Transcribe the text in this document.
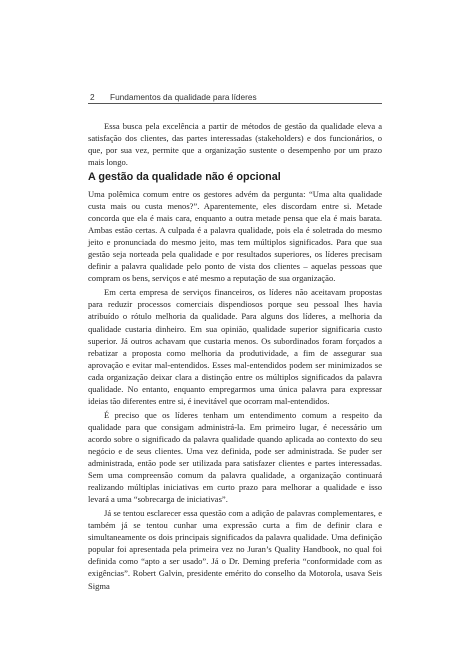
2	Fundamentos da qualidade para líderes

Essa busca pela excelência a partir de métodos de gestão da qualidade eleva a satisfação dos clientes, das partes interessadas (stakeholders) e dos funcionários, o que, por sua vez, permite que a organização sustente o desempenho por um prazo mais longo.

A gestão da qualidade não é opcional

Uma polêmica comum entre os gestores advém da pergunta: “Uma alta qualidade custa mais ou custa menos?”. Aparentemente, eles discordam entre si. Metade concorda que ela é mais cara, enquanto a outra metade pensa que ela é mais barata. Ambas estão certas. A culpada é a palavra qualidade, pois ela é soletrada do mesmo jeito e pronunciada do mesmo jeito, mas tem múltiplos significados. Para que sua gestão seja norteada pela qualidade e por resultados superiores, os líderes precisam definir a palavra qualidade pelo ponto de vista dos clientes – aquelas pessoas que compram os bens, serviços e até mesmo a reputação de sua organização.

Em certa empresa de serviços financeiros, os líderes não aceitavam propostas para reduzir processos comerciais dispendiosos porque seu pessoal lhes havia atribuído o rótulo melhoria da qualidade. Para alguns dos líderes, a melhoria da qualidade custaria dinheiro. Em sua opinião, qualidade superior significaria custo superior. Já outros achavam que custaria menos. Os subordinados foram forçados a rebatizar a proposta como melhoria da produtividade, a fim de assegurar sua aprovação e evitar mal-entendidos. Esses mal-entendidos podem ser minimizados se cada organização deixar clara a distinção entre os múltiplos significados da palavra qualidade. No entanto, enquanto empregarmos uma única palavra para expressar ideias tão diferentes entre si, é inevitável que ocorram mal-entendidos.

É preciso que os líderes tenham um entendimento comum a respeito da qualidade para que consigam administrá-la. Em primeiro lugar, é necessário um acordo sobre o significado da palavra qualidade quando aplicada ao contexto do seu negócio e de seus clientes. Uma vez definida, pode ser administrada. Se puder ser administrada, então pode ser utilizada para satisfazer clientes e partes interessadas. Sem uma compreensão comum da palavra qualidade, a organização continuará realizando múltiplas iniciativas em curto prazo para melhorar a qualidade e isso levará a uma “sobrecarga de iniciativas”.

Já se tentou esclarecer essa questão com a adição de palavras complementares, e também já se tentou cunhar uma expressão curta a fim de definir clara e simultaneamente os dois principais significados da palavra qualidade. Uma definição popular foi apresentada pela primeira vez no Juran’s Quality Handbook, no qual foi definida como “apto a ser usado”. Já o Dr. Deming preferia “conformidade com as exigências”. Robert Galvin, presidente emérito do conselho da Motorola, usava Seis Sigma
